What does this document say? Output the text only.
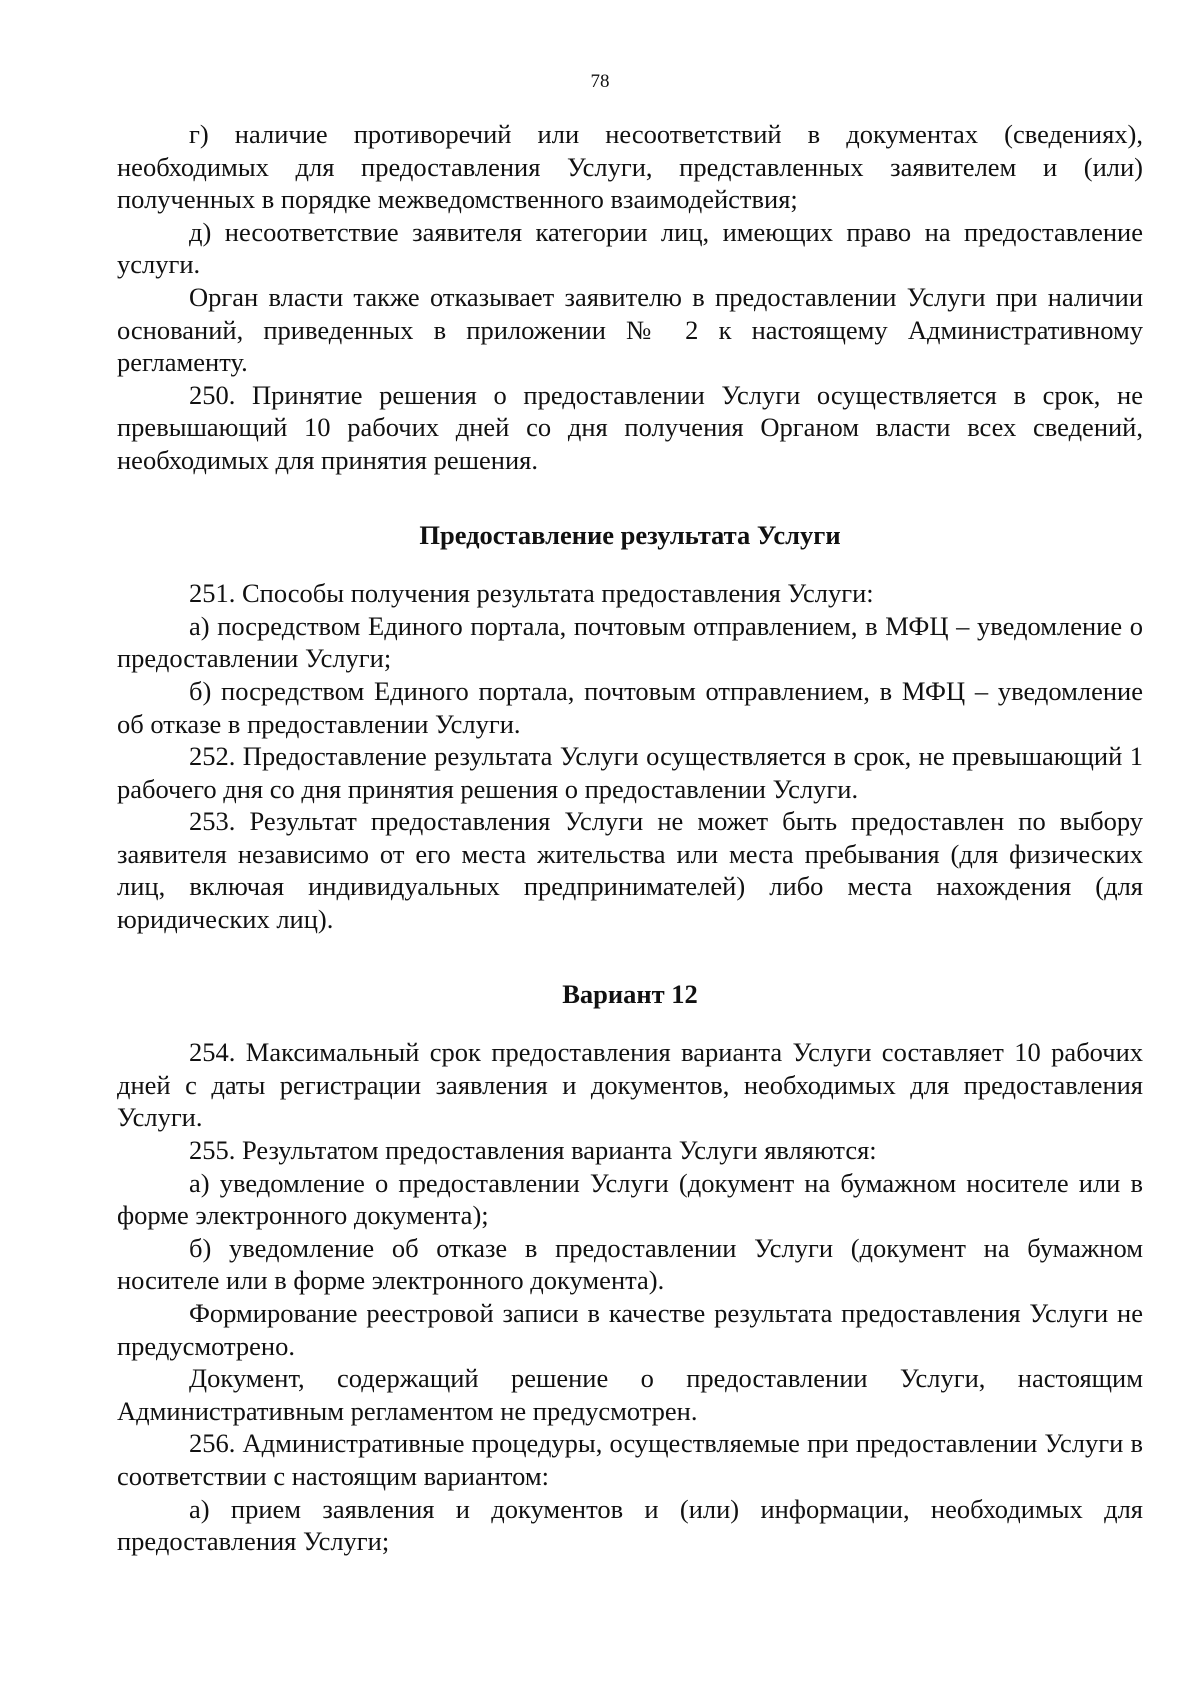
78

г) наличие противоречий или несоответствий в документах (сведениях), необходимых для предоставления Услуги, представленных заявителем и (или) полученных в порядке межведомственного взаимодействия;

д) несоответствие заявителя категории лиц, имеющих право на предоставление услуги.

Орган власти также отказывает заявителю в предоставлении Услуги при наличии оснований, приведенных в приложении № 2 к настоящему Административному регламенту.

250. Принятие решения о предоставлении Услуги осуществляется в срок, не превышающий 10 рабочих дней со дня получения Органом власти всех сведений, необходимых для принятия решения.

Предоставление результата Услуги

251. Способы получения результата предоставления Услуги:

а) посредством Единого портала, почтовым отправлением, в МФЦ – уведомление о предоставлении Услуги;

б) посредством Единого портала, почтовым отправлением, в МФЦ – уведомление об отказе в предоставлении Услуги.

252. Предоставление результата Услуги осуществляется в срок, не превышающий 1 рабочего дня со дня принятия решения о предоставлении Услуги.

253. Результат предоставления Услуги не может быть предоставлен по выбору заявителя независимо от его места жительства или места пребывания (для физических лиц, включая индивидуальных предпринимателей) либо места нахождения (для юридических лиц).

Вариант 12

254. Максимальный срок предоставления варианта Услуги составляет 10 рабочих дней с даты регистрации заявления и документов, необходимых для предоставления Услуги.

255. Результатом предоставления варианта Услуги являются:

а) уведомление о предоставлении Услуги (документ на бумажном носителе или в форме электронного документа);

б) уведомление об отказе в предоставлении Услуги (документ на бумажном носителе или в форме электронного документа).

Формирование реестровой записи в качестве результата предоставления Услуги не предусмотрено.

Документ, содержащий решение о предоставлении Услуги, настоящим Административным регламентом не предусмотрен.

256. Административные процедуры, осуществляемые при предоставлении Услуги в соответствии с настоящим вариантом:

а) прием заявления и документов и (или) информации, необходимых для предоставления Услуги;
